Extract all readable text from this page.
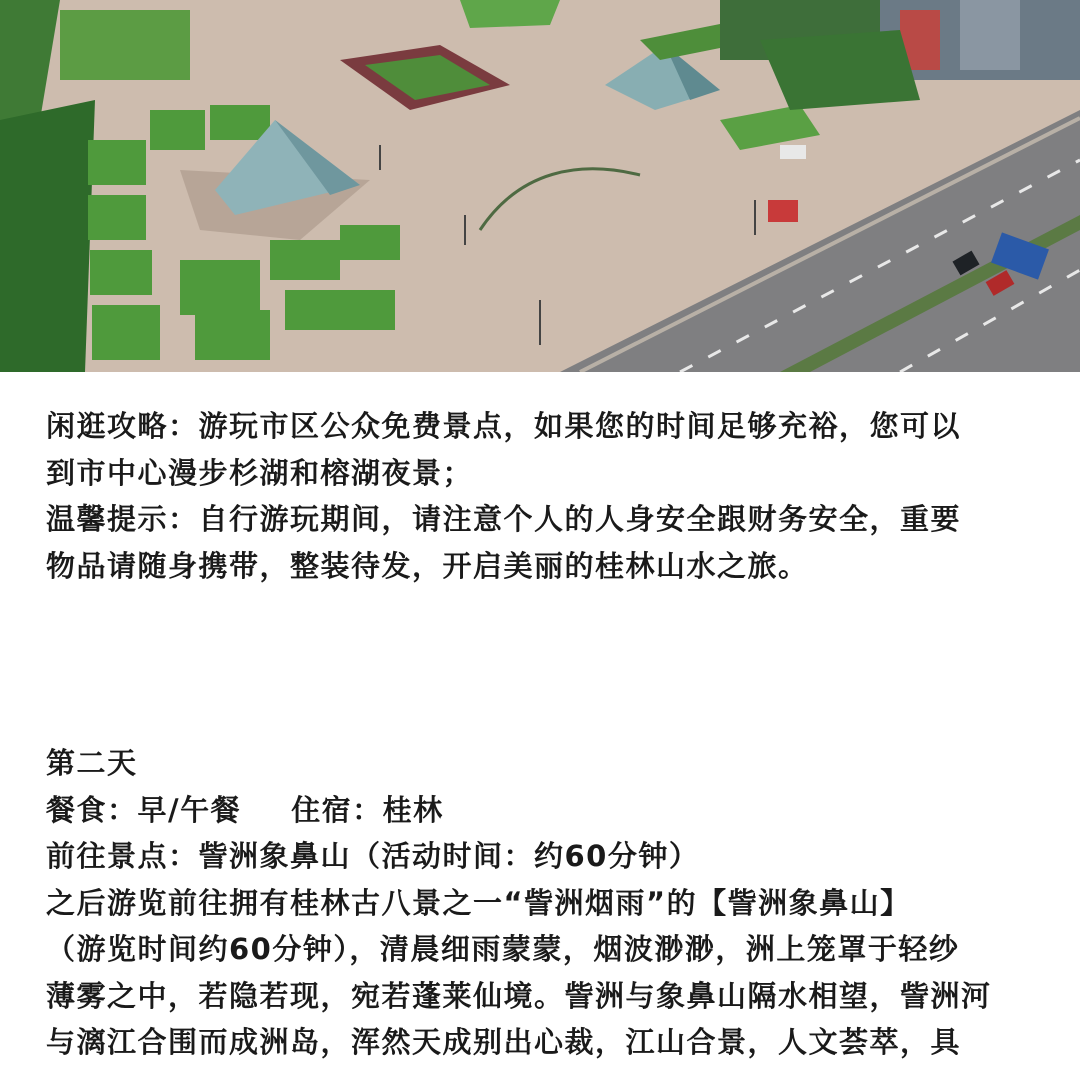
闲逛攻略：游玩市区公众免费景点，如果您的时间足够充裕，您可以

到市中心漫步杉湖和榕湖夜景；

温馨提示：自行游玩期间，请注意个人的人身安全跟财务安全，重要

物品请随身携带，整装待发，开启美丽的桂林山水之旅。

第二天

餐食：早/午餐 住宿：桂林

前往景点：訾洲象鼻山（活动时间：约60分钟）

之后游览前往拥有桂林古八景之一“訾洲烟雨”的【訾洲象鼻山】

（游览时间约60分钟），清晨细雨蒙蒙，烟波渺渺，洲上笼罩于轻纱

薄雾之中，若隐若现，宛若蓬莱仙境。訾洲与象鼻山隔水相望，訾洲河

与漓江合围而成洲岛，浑然天成别出心裁，江山合景，人文荟萃，具
